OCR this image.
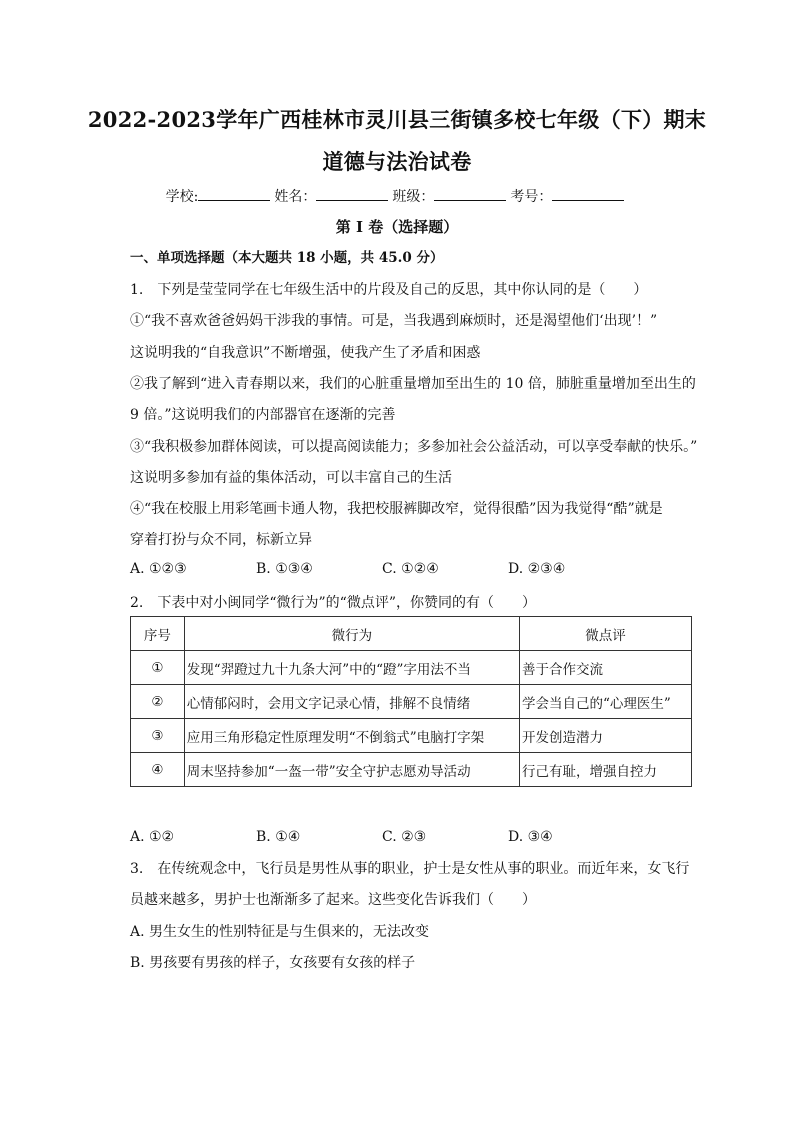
2022-2023学年广西桂林市灵川县三街镇多校七年级（下）期末
道德与法治试卷
学校:	姓名：	班级：	考号：
第 I 卷（选择题）
一、单项选择题（本大题共 18 小题，共 45.0 分）
1.　下列是莹莹同学在七年级生活中的片段及自己的反思，其中你认同的是（　　）
①“我不喜欢爸爸妈妈干涉我的事情。可是，当我遇到麻烦时，还是渴望他们‘出现’！”
这说明我的“自我意识”不断增强，使我产生了矛盾和困惑
②我了解到“进入青春期以来，我们的心脏重量增加至出生的 10 倍，肺脏重量增加至出生的
9 倍。”这说明我们的内部器官在逐渐的完善
③“我积极参加群体阅读，可以提高阅读能力；多参加社会公益活动，可以享受奉献的快乐。”
这说明多参加有益的集体活动，可以丰富自己的生活
④“我在校服上用彩笔画卡通人物，我把校服裤脚改窄，觉得很酷”因为我觉得“酷”就是
穿着打扮与众不同，标新立异
A. ①②③	B. ①③④	C. ①②④	D. ②③④
2.　下表中对小闽同学“微行为”的“微点评”，你赞同的有（　　）
序号	微行为	微点评
①	发现“羿蹬过九十九条大河”中的“蹬”字用法不当	善于合作交流
②	心情郁闷时，会用文字记录心情，排解不良情绪	学会当自己的“心理医生”
③	应用三角形稳定性原理发明“不倒翁式”电脑打字架	开发创造潜力
④	周末坚持参加“一盔一带”安全守护志愿劝导活动	行己有耻，增强自控力
A. ①②	B. ①④	C. ②③	D. ③④
3.　在传统观念中，飞行员是男性从事的职业，护士是女性从事的职业。而近年来，女飞行
员越来越多，男护士也渐渐多了起来。这些变化告诉我们（　　）
A. 男生女生的性别特征是与生俱来的，无法改变
B. 男孩要有男孩的样子，女孩要有女孩的样子
